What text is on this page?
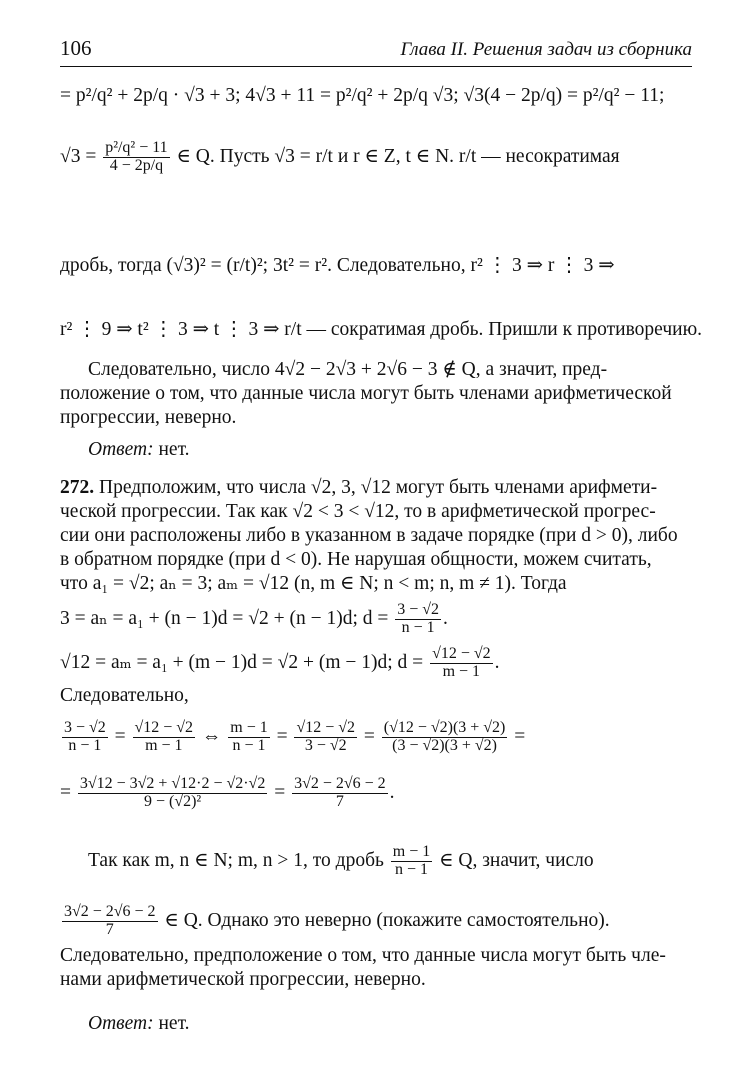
106	Глава II. Решения задач из сборника
= p²/q² + 2p/q · √3 + 3; 4√3 + 11 = p²/q² + 2p/q √3; √3(4 − 2p/q) = p²/q² − 11;
$√3 = \frac{\text{p²/q² − 11}}{4 - 2p/q}$ ∈ Q. Пусть √3 = r/t и r ∈ Z, t ∈ N. r/t — несократимая
дробь, тогда (√3)² = (r/t)²; 3t² = r². Следовательно, r² ⋮ 3 ⇒ r ⋮ 3 ⇒
r² ⋮ 9 ⇒ t² ⋮ 3 ⇒ t ⋮ 3 ⇒ r/t — сократимая дробь. Пришли к противоречию.
Следовательно, число 4√2 − 2√3 + 2√6 − 3 ∉ Q, а значит, пред-
положение о том, что данные числа могут быть членами арифметической
прогрессии, неверно.
Ответ: нет.
272. Предположим, что числа √2, 3, √12 могут быть членами арифмети-
ческой прогрессии. Так как √2 < 3 < √12, то в арифметической прогрес-
сии они расположены либо в указанном в задаче порядке (при d > 0), либо
в обратном порядке (при d < 0). Не нарушая общности, можем считать,
что a₁ = √2; aₙ = 3; aₘ = √12 (n, m ∈ N; n < m; n, m ≠ 1). Тогда
3 = aₙ = a₁ + (n − 1)d = √2 + (n − 1)d; $d = \frac{3 - √2}{n - 1}$ .
√12 = aₘ = a₁ + (m − 1)d = √2 + (m − 1)d; $d = \frac{√12 - √2}{m - 1}$ .
Следовательно,
$\frac{3 - √2}{n - 1} = \frac{√12 - √2}{m - 1}$ ⇔ $\frac{m - 1}{n - 1} = \frac{√12 - √2}{3 - √2} = \frac{(√12 - √2)(3 + √2)}{(3 - √2)(3 + √2)}$ =
= $\frac{3√12 - 3√2 + √12\cdot 2 - √2\cdot√2}{\text{9 − (√2)²}} = \frac{3√2 - 2√6 - 2}{7}$ .
Так как m, n ∈ N; m, n > 1, то дробь $\frac{m - 1}{n - 1}$ ∈ Q, значит, число
$\frac{3√2 - 2√6 - 2}{7}$ ∈ Q. Однако это неверно (покажите самостоятельно).
Следовательно, предположение о том, что данные числа могут быть чле-
нами арифметической прогрессии, неверно.
Ответ: нет.
